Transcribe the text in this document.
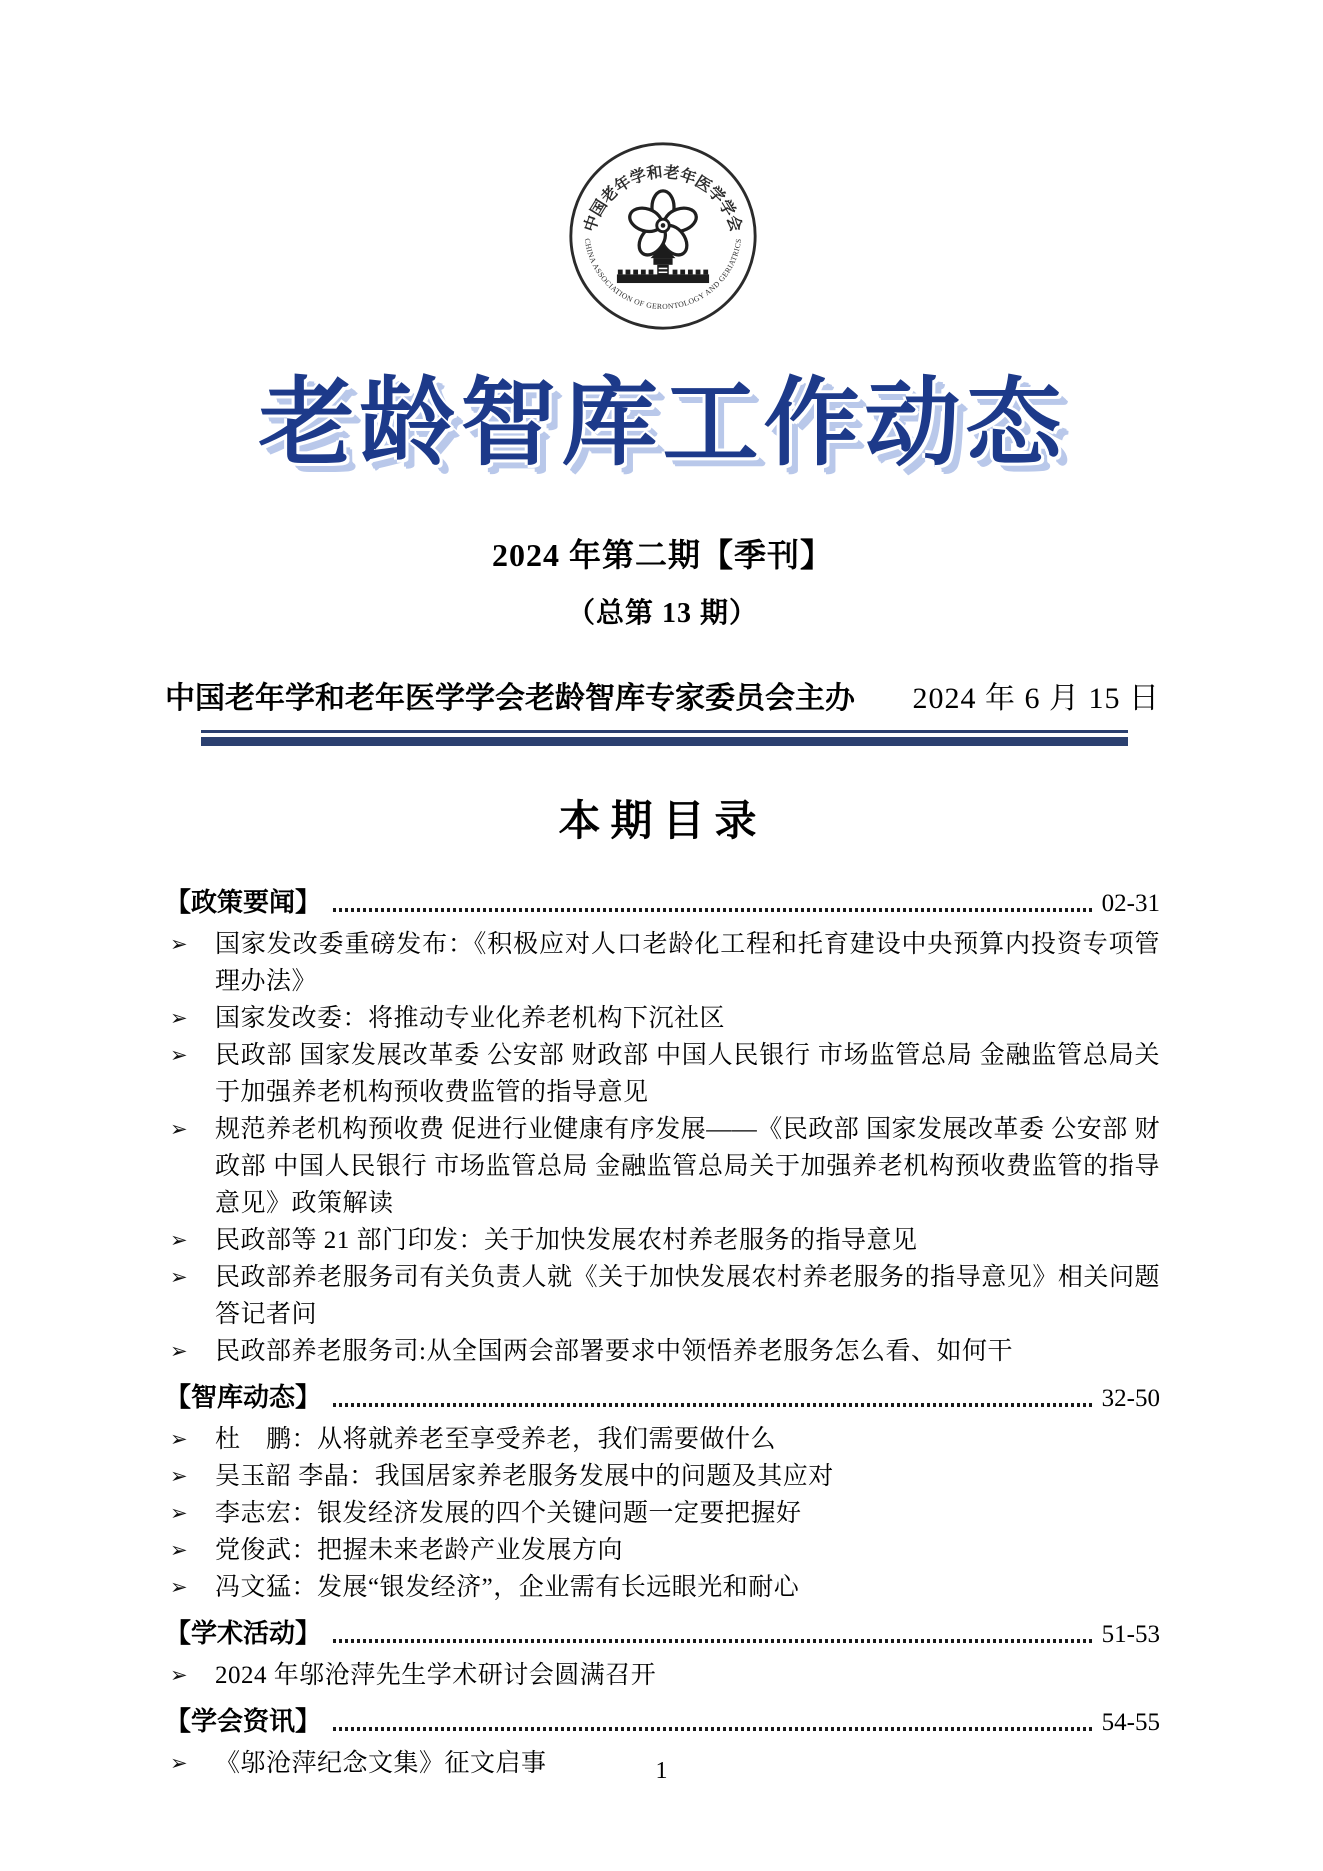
中国老年学和老年医学学会
CHINA ASSOCIATION OF GERONTOLOGY AND GERIATRICS
老龄智库工作动态
2024 年第二期【季刊】
（总第 13 期）
中国老年学和老年医学学会老龄智库专家委员会主办 2024 年 6 月 15 日
本期目录
【政策要闻】	02-31
➢	国家发改委重磅发布：《积极应对人口老龄化工程和托育建设中央预算内投资专项管理办法》
➢	国家发改委：将推动专业化养老机构下沉社区
➢	民政部 国家发展改革委 公安部 财政部 中国人民银行 市场监管总局 金融监管总局关于加强养老机构预收费监管的指导意见
➢	规范养老机构预收费 促进行业健康有序发展——《民政部 国家发展改革委 公安部 财政部 中国人民银行 市场监管总局 金融监管总局关于加强养老机构预收费监管的指导意见》政策解读
➢	民政部等 21 部门印发：关于加快发展农村养老服务的指导意见
➢	民政部养老服务司有关负责人就《关于加快发展农村养老服务的指导意见》相关问题答记者问
➢	民政部养老服务司:从全国两会部署要求中领悟养老服务怎么看、如何干
【智库动态】	32-50
➢	杜　鹏：从将就养老至享受养老，我们需要做什么
➢	吴玉韶 李晶：我国居家养老服务发展中的问题及其应对
➢	李志宏：银发经济发展的四个关键问题一定要把握好
➢	党俊武：把握未来老龄产业发展方向
➢	冯文猛：发展“银发经济”，企业需有长远眼光和耐心
【学术活动】	51-53
➢	2024 年邬沧萍先生学术研讨会圆满召开
【学会资讯】	54-55
➢	《邬沧萍纪念文集》征文启事	1
